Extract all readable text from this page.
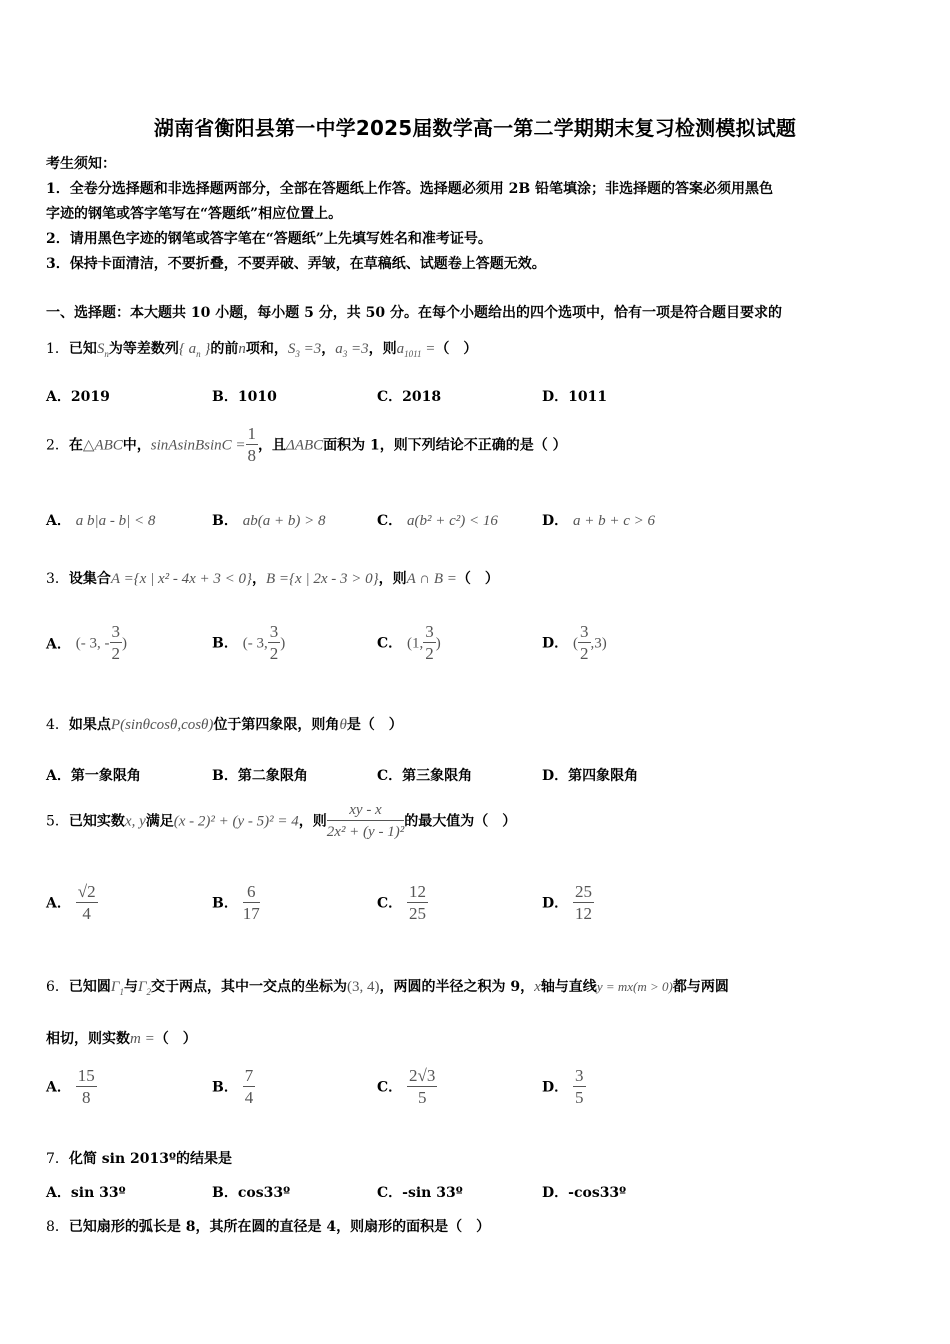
湖南省衡阳县第一中学2025届数学高一第二学期期末复习检测模拟试题
考生须知：
1．全卷分选择题和非选择题两部分，全部在答题纸上作答。选择题必须用 2B 铅笔填涂；非选择题的答案必须用黑色
字迹的钢笔或答字笔写在“答题纸”相应位置上。
2．请用黑色字迹的钢笔或答字笔在“答题纸”上先填写姓名和准考证号。
3．保持卡面清洁，不要折叠，不要弄破、弄皱，在草稿纸、试题卷上答题无效。
一、选择题：本大题共 10 小题，每小题 5 分，共 50 分。在每个小题给出的四个选项中，恰有一项是符合题目要求的
1．已知$S_n$为等差数列{ $a_n$ }的前n项和，$S_3 =3$，$a_3 =3$，则$a_{1011}$ =（　）
A．2019	B．1010	C．2018	D．1011
2．在△ABC中，sinAsinBsinC = $\frac{1}{8}$ ，且ΔABC面积为 1，则下列结论不正确的是（ ）
A． a b|a - b| < 8	B． ab(a + b) > 8	C． a(b² + c²) < 16	D． a + b + c > 6
3．设集合A ={x | x² - 4x + 3 < 0}，B ={x | 2x - 3 > 0}，则A ∩ B =（　）
A． (- 3, - $\frac{3}{2}$ )	B． (- 3, $\frac{3}{2}$ )	C． (1, $\frac{3}{2}$ )	D． ( $\frac{3}{2} ,3$)
4．如果点P(sinθcosθ,cosθ)位于第四象限，则角θ是（　）
A．第一象限角	B．第二象限角	C．第三象限角	D．第四象限角
5．已知实数x, y满足(x - 2)² + (y - 5)² = 4，则 $\frac{xy - x}{\text{2x² + (y - 1)²}}$ 的最大值为（　）
A． $\frac{√2}{4}$	B． $\frac{6}{17}$	C． $\frac{12}{25}$	D． $\frac{25}{12}$
6．已知圆$\Gamma_1$与$\Gamma_2$交于两点，其中一交点的坐标为(3, 4)，两圆的半径之积为 9，x轴与直线y = mx(m > 0)都与两圆
相切，则实数m =（　）
A． $\frac{15}{8}$	B． $\frac{7}{4}$	C． $\frac{2√3}{5}$	D． $\frac{3}{5}$
7．化简 sin 2013º的结果是
A．sin 33º	B．cos33º	C．-sin 33º	D．-cos33º
8．已知扇形的弧长是 8，其所在圆的直径是 4，则扇形的面积是（　）
